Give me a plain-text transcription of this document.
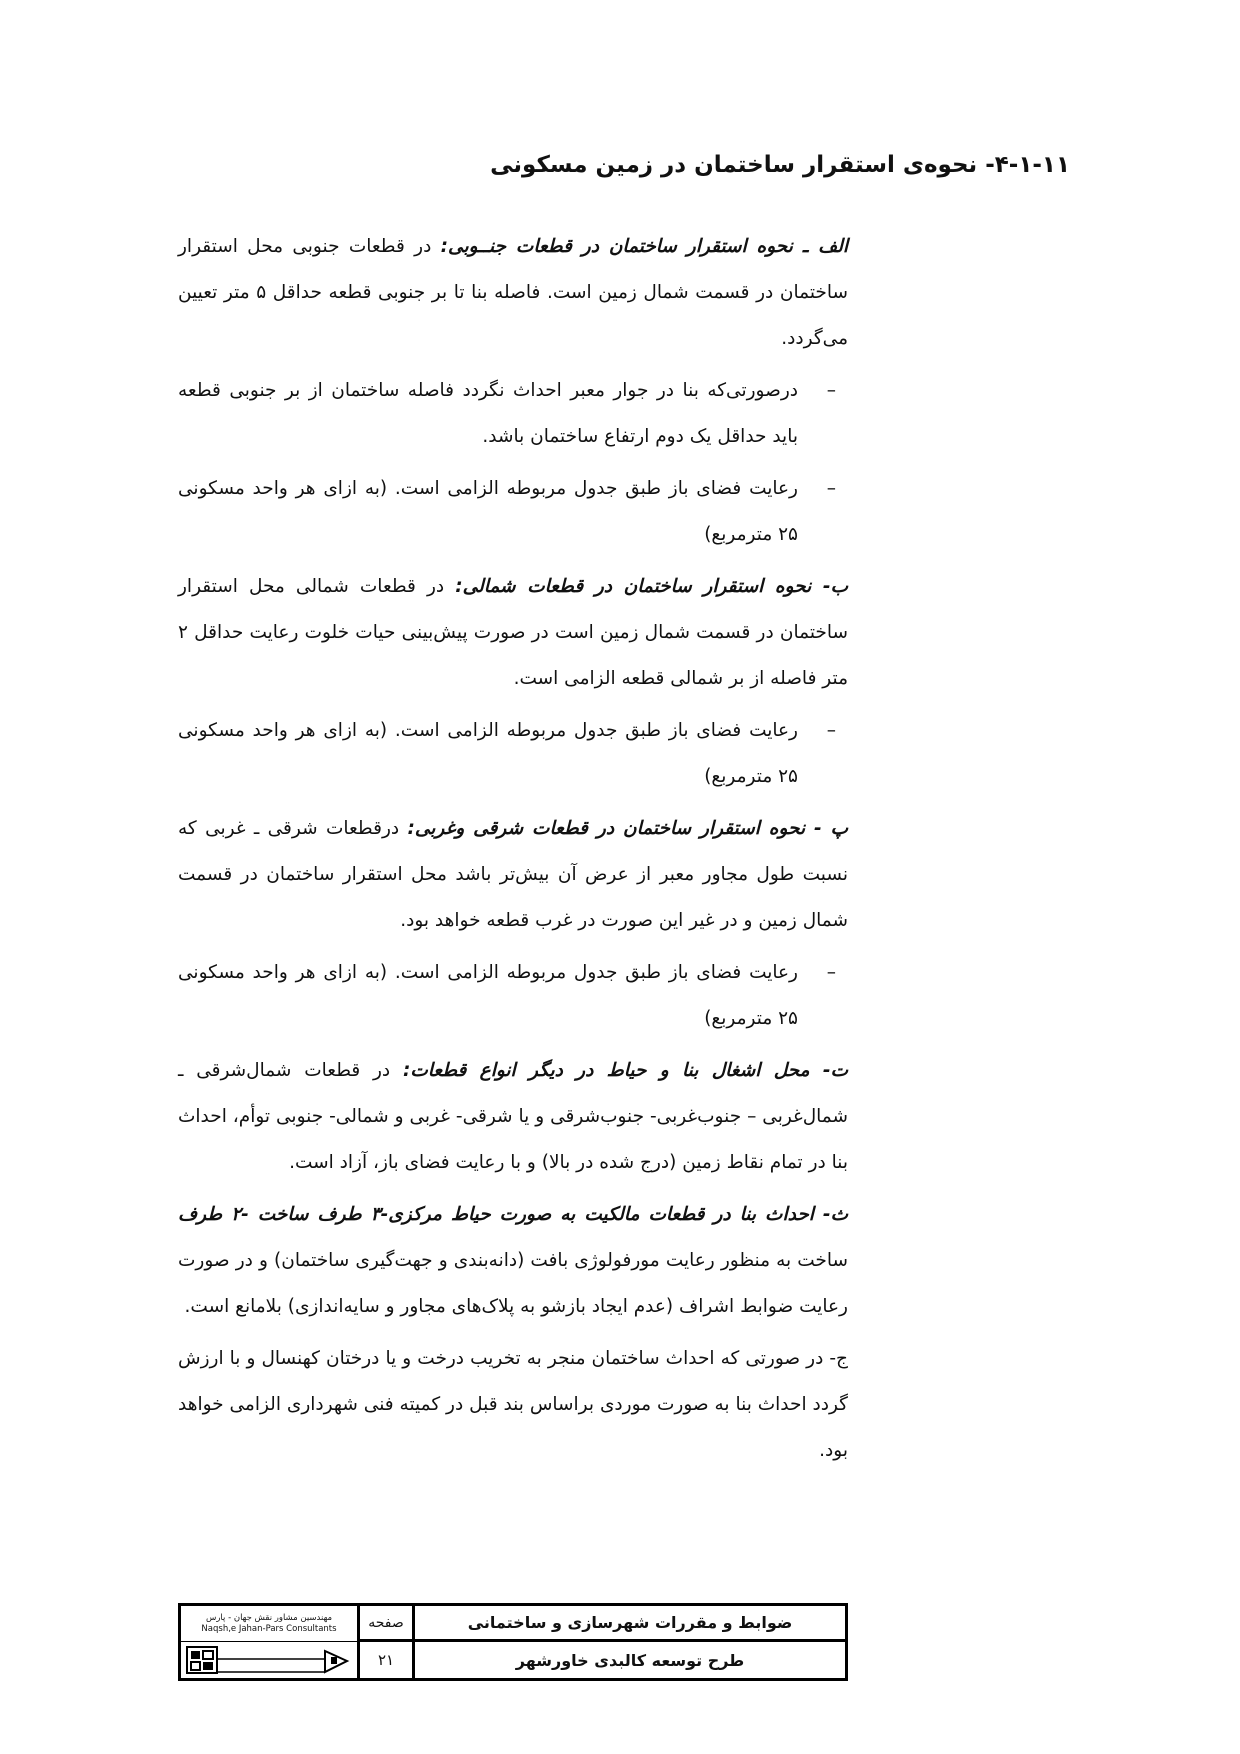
۴-۱-۱۱- نحوه‌ی استقرار ساختمان در زمین مسکونی

الف ـ نحوه استقرار ساختمان در قطعات جنــوبی: در قطعات جنوبی محل استقرار ساختمان در قسمت شمال زمین است. فاصله بنا تا بر جنوبی قطعه حداقل ۵ متر تعیین می‌گردد.

–
درصورتی‌که بنا در جوار معبر احداث نگردد فاصله ساختمان از بر جنوبی قطعه باید حداقل یک دوم ارتفاع ساختمان باشد.

–
رعایت فضای باز طبق جدول مربوطه الزامی است. (به ازای هر واحد مسکونی ۲۵ مترمربع)

ب- نحوه استقرار ساختمان در قطعات شمالی: در قطعات شمالی محل استقرار ساختمان در قسمت شمال زمین است در صورت پیش‌بینی حیات خلوت رعایت حداقل ۲ متر فاصله از بر شمالی قطعه الزامی است.

–
رعایت فضای باز طبق جدول مربوطه الزامی است. (به ازای هر واحد مسکونی ۲۵ مترمربع)

پ - نحوه استقرار ساختمان در قطعات شرقی وغربی: درقطعات شرقی ـ غربی که نسبت طول مجاور معبر از عرض آن بیش‌تر باشد محل استقرار ساختمان در قسمت شمال زمین و در غیر این صورت در غرب قطعه خواهد بود.

–
رعایت فضای باز طبق جدول مربوطه الزامی است. (به ازای هر واحد مسکونی ۲۵ مترمربع)

ت- محل اشغال بنا و حیاط در دیگر انواع قطعات: در قطعات شمال‌شرقی ـ شمال‌غربی – جنوب‌غربی- جنوب‌شرقی و یا شرقی- غربی و شمالی- جنوبی توأم، احداث بنا در تمام نقاط زمین (درج شده در بالا) و با رعایت فضای باز، آزاد است.

ث- احداث بنا در قطعات مالکیت به صورت حیاط مرکزی-۳ طرف ساخت -۲ طرف ساخت به منظور رعایت مورفولوژی بافت (دانه‌بندی و جهت‌گیری ساختمان) و در صورت رعایت ضوابط اشراف (عدم ایجاد بازشو به پلاک‌های مجاور و سایه‌اندازی) بلامانع است.

ج- در صورتی که احداث ساختمان منجر به تخریب درخت و یا درختان کهنسال و با ارزش گردد احداث بنا به صورت موردی براساس بند قبل در کمیته فنی شهرداری الزامی خواهد بود.

مهندسین مشاور نقش جهان - پارس
Naqsh,e Jahan-Pars Consultants	صفحه
۲۱
ضوابط و مقررات شهرسازی و ساختمانی
طرح توسعه کالبدی خاورشهر
